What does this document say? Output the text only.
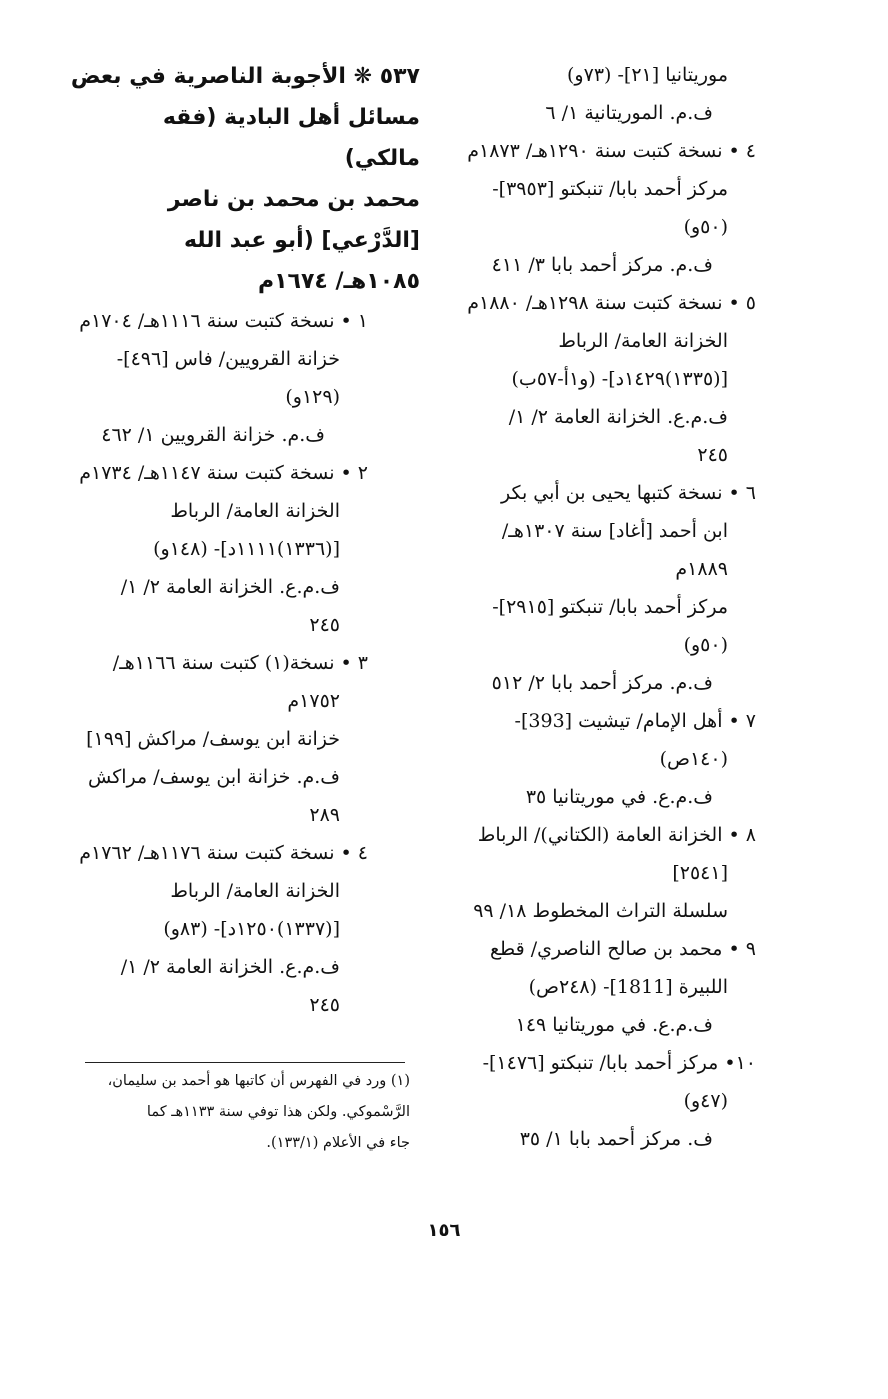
٥٣٧ ❋ الأجوبة الناصرية في بعض
مسائل أهل البادية (فقه
مالكي)
محمد بن محمد بن ناصر
[الدَّرْعي] (أبو عبد الله
١٠٨٥هـ/ ١٦٧٤م
١ • نسخة كتبت سنة ١١١٦هـ/ ١٧٠٤م
خزانة القرويين/ فاس [٤٩٦]-
(١٢٩و)
ف.م. خزانة القرويين ١/ ٤٦٢
٢ • نسخة كتبت سنة ١١٤٧هـ/ ١٧٣٤م
الخزانة العامة/ الرباط
[(١٣٣٦)١١١١د]- (١٤٨و)
ف.م.ع. الخزانة العامة ٢/ ١/
٢٤٥
٣ • نسخة(١) كتبت سنة ١١٦٦هـ/
١٧٥٢م
خزانة ابن يوسف/ مراكش [١٩٩]
ف.م. خزانة ابن يوسف/ مراكش
٢٨٩
٤ • نسخة كتبت سنة ١١٧٦هـ/ ١٧٦٢م
الخزانة العامة/ الرباط
[(١٣٣٧)١٢٥٠د]- (٨٣و)
ف.م.ع. الخزانة العامة ٢/ ١/
٢٤٥
موريتانيا [٢١]- (٧٣و)
ف.م. الموريتانية ١/ ٦
٤ • نسخة كتبت سنة ١٢٩٠هـ/ ١٨٧٣م
مركز أحمد بابا/ تنبكتو [٣٩٥٣]-
(٥٠و)
ف.م. مركز أحمد بابا ٣/ ٤١١
٥ • نسخة كتبت سنة ١٢٩٨هـ/ ١٨٨٠م
الخزانة العامة/ الرباط
[(١٣٣٥)١٤٢٩د]- (و١أ-٥٧ب)
ف.م.ع. الخزانة العامة ٢/ ١/
٢٤٥
٦ • نسخة كتبها يحيى بن أبي بكر
ابن أحمد [أغاد] سنة ١٣٠٧هـ/
١٨٨٩م
مركز أحمد بابا/ تنبكتو [٢٩١٥]-
(٥٠و)
ف.م. مركز أحمد بابا ٢/ ٥١٢
٧ • أهل الإمام/ تيشيت [393]-
(١٤٠ص)
ف.م.ع. في موريتانيا ٣٥
٨ • الخزانة العامة (الكتاني)/ الرباط
[٢٥٤١]
سلسلة التراث المخطوط ١٨/ ٩٩
٩ • محمد بن صالح الناصري/ قطع
اللبيرة [1811]- (٢٤٨ص)
ف.م.ع. في موريتانيا ١٤٩
١٠• مركز أحمد بابا/ تنبكتو [١٤٧٦]-
(٤٧و)
ف. مركز أحمد بابا ١/ ٣٥
(١) ورد في الفهرس أن كاتبها هو أحمد بن سليمان،
الرَّسْموكي. ولكن هذا توفي سنة ١١٣٣هـ كما
جاء في الأعلام (١٣٣/١).
١٥٦
